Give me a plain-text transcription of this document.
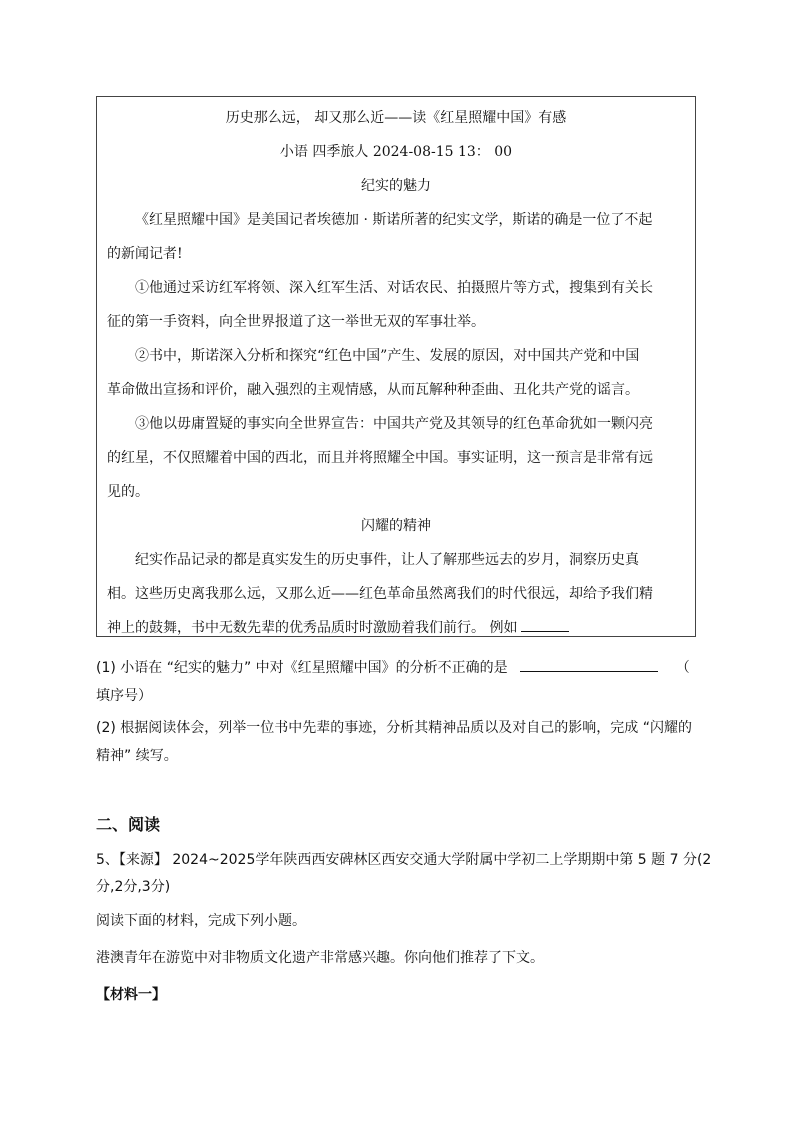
历史那么远， 却又那么近——读《红星照耀中国》有感
小语 四季旅人 2024-08-15 13： 00
纪实的魅力
《红星照耀中国》是美国记者埃德加 · 斯诺所著的纪实文学，斯诺的确是一位了不起
的新闻记者!
①他通过采访红军将领、深入红军生活、对话农民、拍摄照片等方式，搜集到有关长
征的第一手资料，向全世界报道了这一举世无双的军事壮举。
②书中，斯诺深入分析和探究“红色中国”产生、发展的原因，对中国共产党和中国
革命做出宣扬和评价，融入强烈的主观情感，从而瓦解种种歪曲、丑化共产党的谣言。
③他以毋庸置疑的事实向全世界宣告：中国共产党及其领导的红色革命犹如一颗闪亮
的红星，不仅照耀着中国的西北，而且并将照耀全中国。事实证明，这一预言是非常有远
见的。
闪耀的精神
纪实作品记录的都是真实发生的历史事件，让人了解那些远去的岁月，洞察历史真
相。这些历史离我那么远，又那么近——红色革命虽然离我们的时代很远，却给予我们精
神上的鼓舞，书中无数先辈的优秀品质时时激励着我们前行。 例如
(1) 小语在 “纪实的魅力” 中对《红星照耀中国》的分析不正确的是	（
填序号）
(2) 根据阅读体会，列举一位书中先辈的事迹，分析其精神品质以及对自己的影响，完成 “闪耀的
精神” 续写。
二、阅读
5、【来源】 2024~2025学年陕西西安碑林区西安交通大学附属中学初二上学期期中第 5 题 7 分(2
分,2分,3分)
阅读下面的材料，完成下列小题。
港澳青年在游览中对非物质文化遗产非常感兴趣。你向他们推荐了下文。
【材料一】
